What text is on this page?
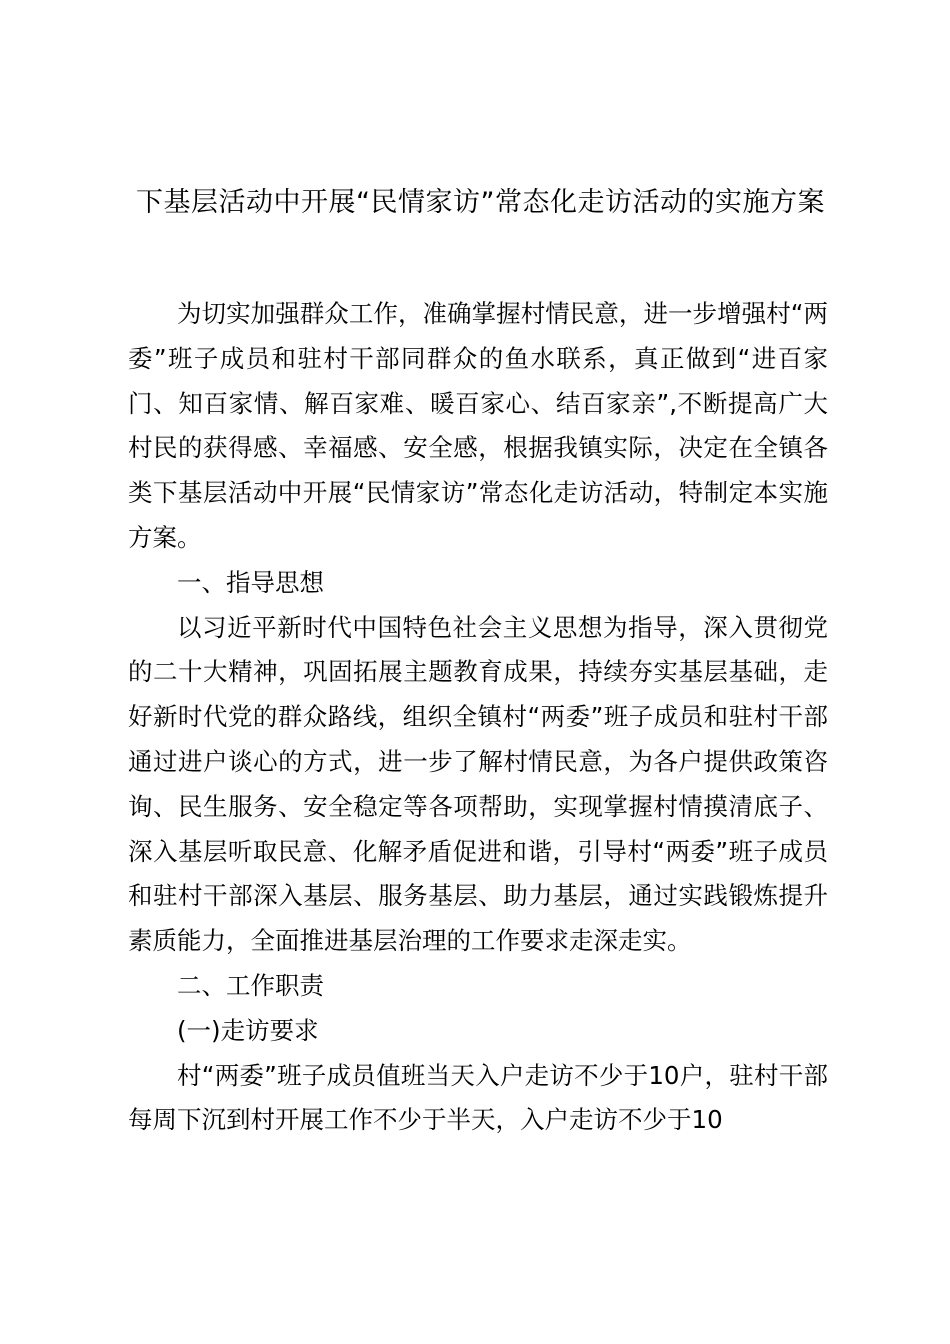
下基层活动中开展“民情家访”常态化走访活动的实施方案

为切实加强群众工作，准确掌握村情民意，进一步增强村“两委”班子成员和驻村干部同群众的鱼水联系，真正做到“进百家门、知百家情、解百家难、暖百家心、结百家亲”,不断提高广大村民的获得感、幸福感、安全感，根据我镇实际，决定在全镇各类下基层活动中开展“民情家访”常态化走访活动，特制定本实施方案。

一、指导思想

以习近平新时代中国特色社会主义思想为指导，深入贯彻党的二十大精神，巩固拓展主题教育成果，持续夯实基层基础，走好新时代党的群众路线，组织全镇村“两委”班子成员和驻村干部通过进户谈心的方式，进一步了解村情民意，为各户提供政策咨询、民生服务、安全稳定等各项帮助，实现掌握村情摸清底子、深入基层听取民意、化解矛盾促进和谐，引导村“两委”班子成员和驻村干部深入基层、服务基层、助力基层，通过实践锻炼提升素质能力，全面推进基层治理的工作要求走深走实。

二、工作职责

(一)走访要求

村“两委”班子成员值班当天入户走访不少于10户，驻村干部每周下沉到村开展工作不少于半天，入户走访不少于10
